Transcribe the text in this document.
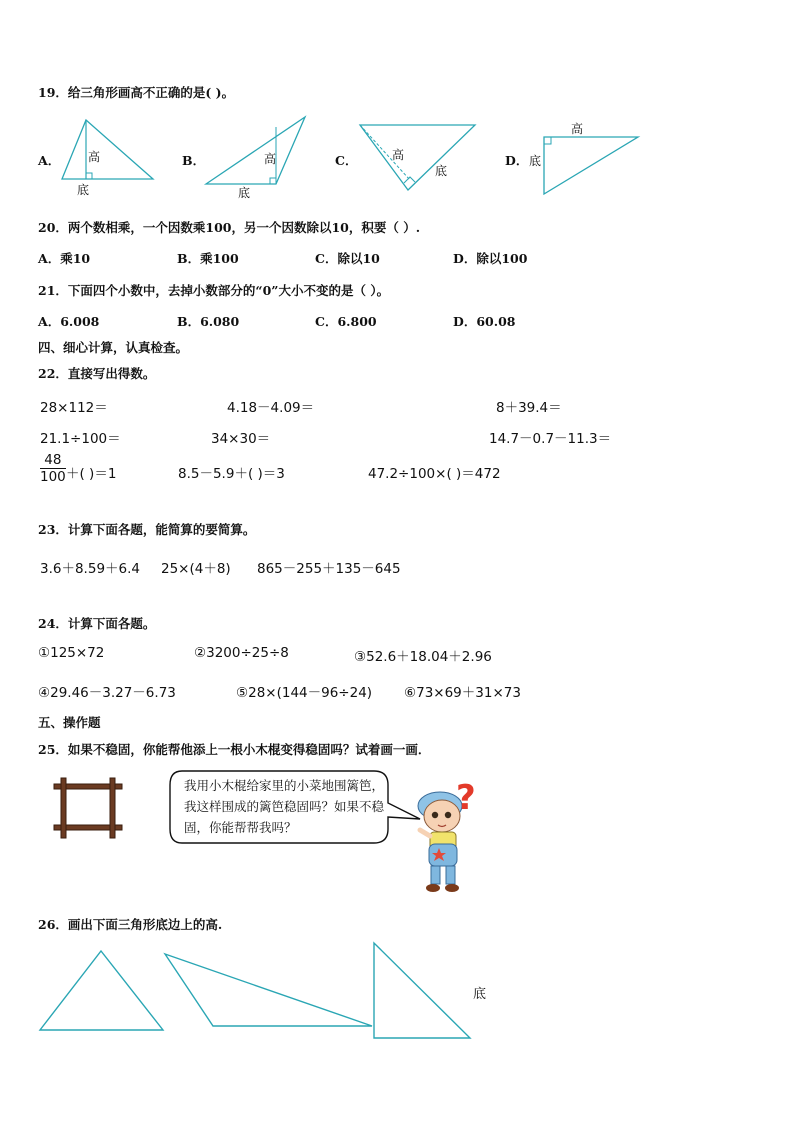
19．给三角形画高不正确的是( )。
A． 高
底
B．	高
底
C．	高
底
D．
高
底
20．两个数相乘，一个因数乘100，另一个因数除以10，积要（ ）.
A．乘10	B．乘100	C．除以10	D．除以100
21．下面四个小数中，去掉小数部分的“0”大小不变的是（ ）。
A．6.008	B．6.080	C．6.800	D．60.08
四、细心计算，认真检查。
22．直接写出得数。
28×112＝	4.18－4.09＝	8＋39.4＝
21.1÷100＝	34×30＝	14.7－0.7－11.3＝
$\frac{48}{100}$ ＋( )＝1	8.5－5.9＋( )＝3	47.2÷100×( )＝472
23．计算下面各题，能简算的要简算。
3.6＋8.59＋6.4 25×(4＋8) 865－255＋135－645
24．计算下面各题。
①125×72	②3200÷25÷8	③52.6＋18.04＋2.96
④29.46－3.27－6.73	⑤28×(144－96÷24) ⑥73×69＋31×73
五、操作题
25．如果不稳固，你能帮他添上一根小木棍变得稳固吗？试着画一画．
我用小木棍给家里的小菜地围篱笆，我这样围成的篱笆稳固吗？如果不稳固，你能帮帮我吗？
?
26．画出下面三角形底边上的高.
底
